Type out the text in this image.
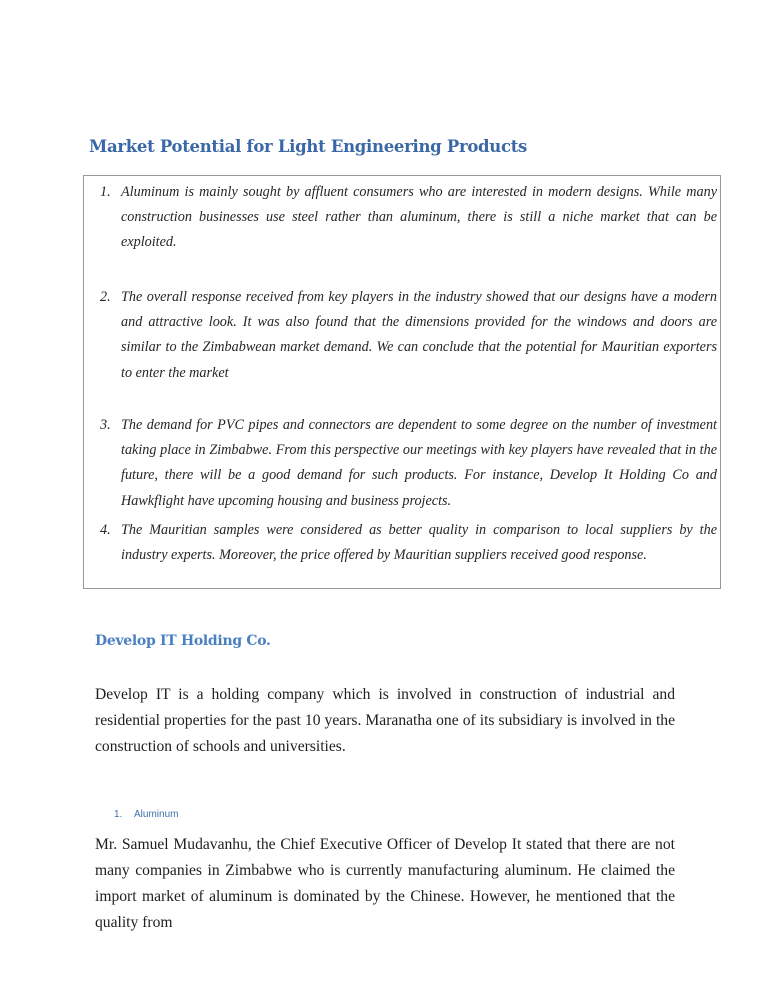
Market Potential for Light Engineering Products
1. Aluminum is mainly sought by affluent consumers who are interested in modern designs. While many construction businesses use steel rather than aluminum, there is still a niche market that can be exploited.
2. The overall response received from key players in the industry showed that our designs have a modern and attractive look. It was also found that the dimensions provided for the windows and doors are similar to the Zimbabwean market demand. We can conclude that the potential for Mauritian exporters to enter the market
3. The demand for PVC pipes and connectors are dependent to some degree on the number of investment taking place in Zimbabwe. From this perspective our meetings with key players have revealed that in the future, there will be a good demand for such products. For instance, Develop It Holding Co and Hawkflight have upcoming housing and business projects.
4. The Mauritian samples were considered as better quality in comparison to local suppliers by the industry experts. Moreover, the price offered by Mauritian suppliers received good response.
Develop IT Holding Co.

Develop IT is a holding company which is involved in construction of industrial and residential properties for the past 10 years. Maranatha one of its subsidiary is involved in the construction of schools and universities.

1. Aluminum

Mr. Samuel Mudavanhu, the Chief Executive Officer of Develop It stated that there are not many companies in Zimbabwe who is currently manufacturing aluminum. He claimed the import market of aluminum is dominated by the Chinese. However, he mentioned that the quality from
